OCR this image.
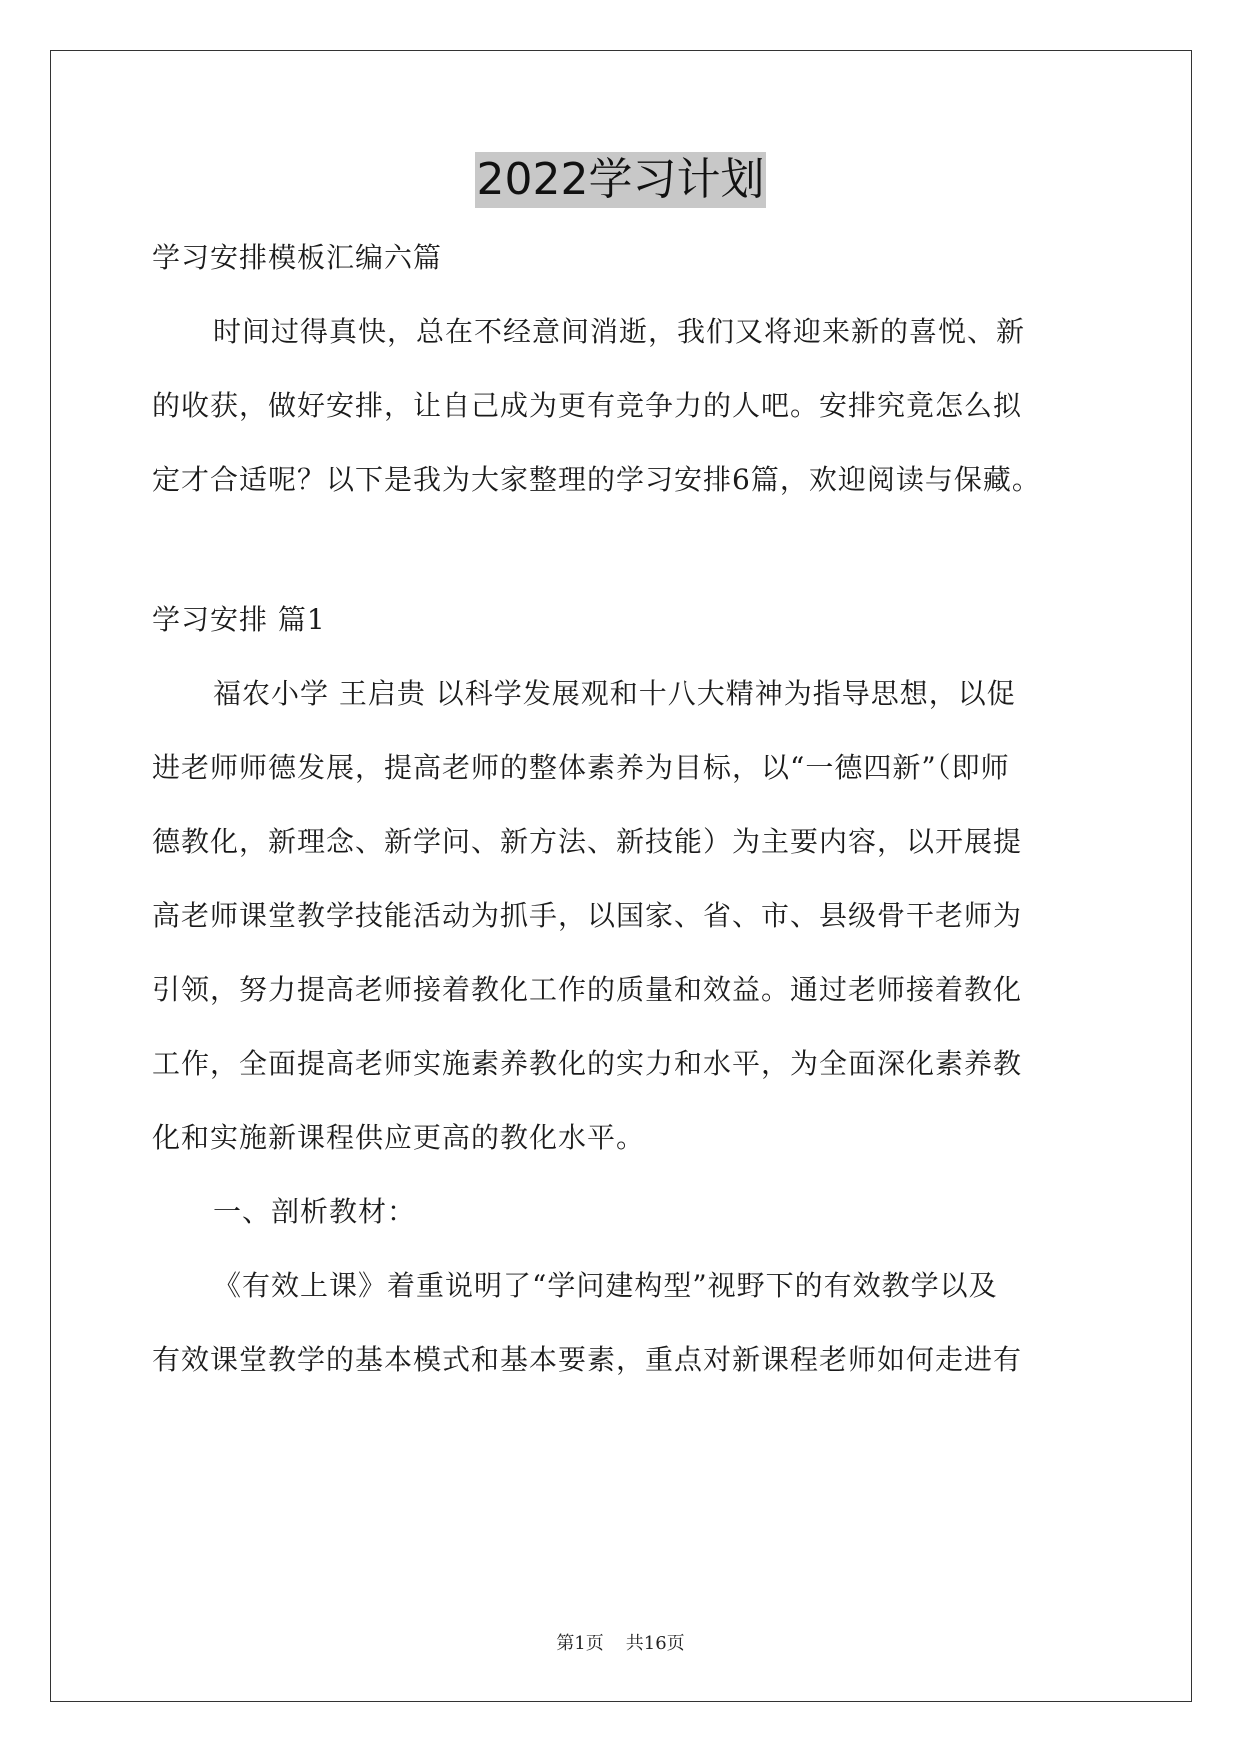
2022学习计划
学习安排模板汇编六篇
时间过得真快，总在不经意间消逝，我们又将迎来新的喜悦、新
的收获，做好安排，让自己成为更有竞争力的人吧。安排究竟怎么拟
定才合适呢？以下是我为大家整理的学习安排6篇，欢迎阅读与保藏。
学习安排 篇1
福农小学 王启贵 以科学发展观和十八大精神为指导思想，以促
进老师师德发展，提高老师的整体素养为目标，以“一德四新”（即师
德教化，新理念、新学问、新方法、新技能）为主要内容，以开展提
高老师课堂教学技能活动为抓手，以国家、省、市、县级骨干老师为
引领，努力提高老师接着教化工作的质量和效益。通过老师接着教化
工作，全面提高老师实施素养教化的实力和水平，为全面深化素养教
化和实施新课程供应更高的教化水平。
一、剖析教材：
《有效上课》着重说明了“学问建构型”视野下的有效教学以及
有效课堂教学的基本模式和基本要素，重点对新课程老师如何走进有
第1页 共16页
